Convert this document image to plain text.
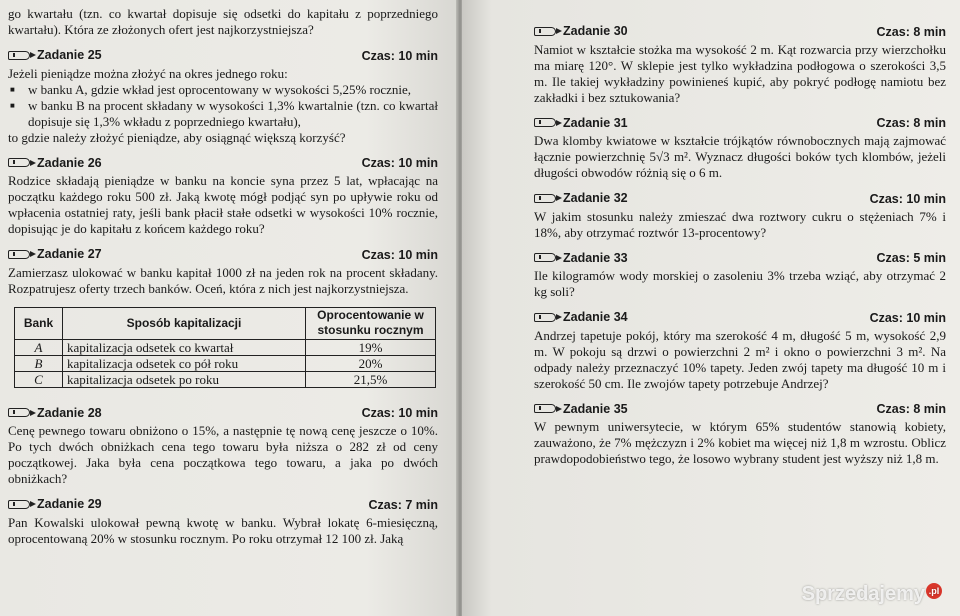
go kwartału (tzn. co kwartał dopisuje się odsetki do kapitału z poprzedniego kwartału). Która ze złożonych ofert jest najkorzystniejsza?

Zadanie 25	Czas: 10 min

Jeżeli pieniądze można złożyć na okres jednego roku:

■ w banku A, gdzie wkład jest oprocentowany w wysokości 5,25% rocznie,
■ w banku B na procent składany w wysokości 1,3% kwartalnie (tzn. co kwartał dopisuje się 1,3% wkładu z poprzedniego kwartału),

to gdzie należy złożyć pieniądze, aby osiągnąć większą korzyść?

Zadanie 26	Czas: 10 min

Rodzice składają pieniądze w banku na koncie syna przez 5 lat, wpłacając na początku każdego roku 500 zł. Jaką kwotę mógł podjąć syn po upływie roku od wpłacenia ostatniej raty, jeśli bank płacił stałe odsetki w wysokości 10% rocznie, dopisując je do kapitału z końcem każdego roku?

Zadanie 27	Czas: 10 min

Zamierzasz ulokować w banku kapitał 1000 zł na jeden rok na procent składany. Rozpatrujesz oferty trzech banków. Oceń, która z nich jest najkorzystniejsza.

Bank	Sposób kapitalizacji	Oprocentowanie w stosunku rocznym
A	kapitalizacja odsetek co kwartał	19%
B	kapitalizacja odsetek co pół roku	20%
C	kapitalizacja odsetek po roku	21,5%
Zadanie 28	Czas: 10 min

Cenę pewnego towaru obniżono o 15%, a następnie tę nową cenę jeszcze o 10%. Po tych dwóch obniżkach cena tego towaru była niższa o 282 zł od ceny początkowej. Jaka była cena początkowa tego towaru, a jaka po dwóch obniżkach?

Zadanie 29	Czas: 7 min

Pan Kowalski ulokował pewną kwotę w banku. Wybrał lokatę 6-miesięczną, oprocentowaną 20% w stosunku rocznym. Po roku otrzymał 12 100 zł. Jaką

Zadanie 30	Czas: 8 min

Namiot w kształcie stożka ma wysokość 2 m. Kąt rozwarcia przy wierzchołku ma miarę 120°. W sklepie jest tylko wykładzina podłogowa o szerokości 3,5 m. Ile takiej wykładziny powinieneś kupić, aby pokryć podłogę namiotu bez zakładki i bez sztukowania?

Zadanie 31	Czas: 8 min

Dwa klomby kwiatowe w kształcie trójkątów równobocznych mają zajmować łącznie powierzchnię 5√3 m². Wyznacz długości boków tych klombów, jeżeli długości obwodów różnią się o 6 m.

Zadanie 32	Czas: 10 min

W jakim stosunku należy zmieszać dwa roztwory cukru o stężeniach 7% i 18%, aby otrzymać roztwór 13-procentowy?

Zadanie 33	Czas: 5 min

Ile kilogramów wody morskiej o zasoleniu 3% trzeba wziąć, aby otrzymać 2 kg soli?

Zadanie 34	Czas: 10 min

Andrzej tapetuje pokój, który ma szerokość 4 m, długość 5 m, wysokość 2,9 m. W pokoju są drzwi o powierzchni 2 m² i okno o powierzchni 3 m². Na odpady należy przeznaczyć 10% tapety. Jeden zwój tapety ma długość 10 m i szerokość 50 cm. Ile zwojów tapety potrzebuje Andrzej?

Zadanie 35	Czas: 8 min

W pewnym uniwersytecie, w którym 65% studentów stanowią kobiety, zauważono, że 7% mężczyzn i 2% kobiet ma więcej niż 1,8 m wzrostu. Oblicz prawdopodobieństwo tego, że losowo wybrany student jest wyższy niż 1,8 m.

Sprzedajemy $^{.pl}$
